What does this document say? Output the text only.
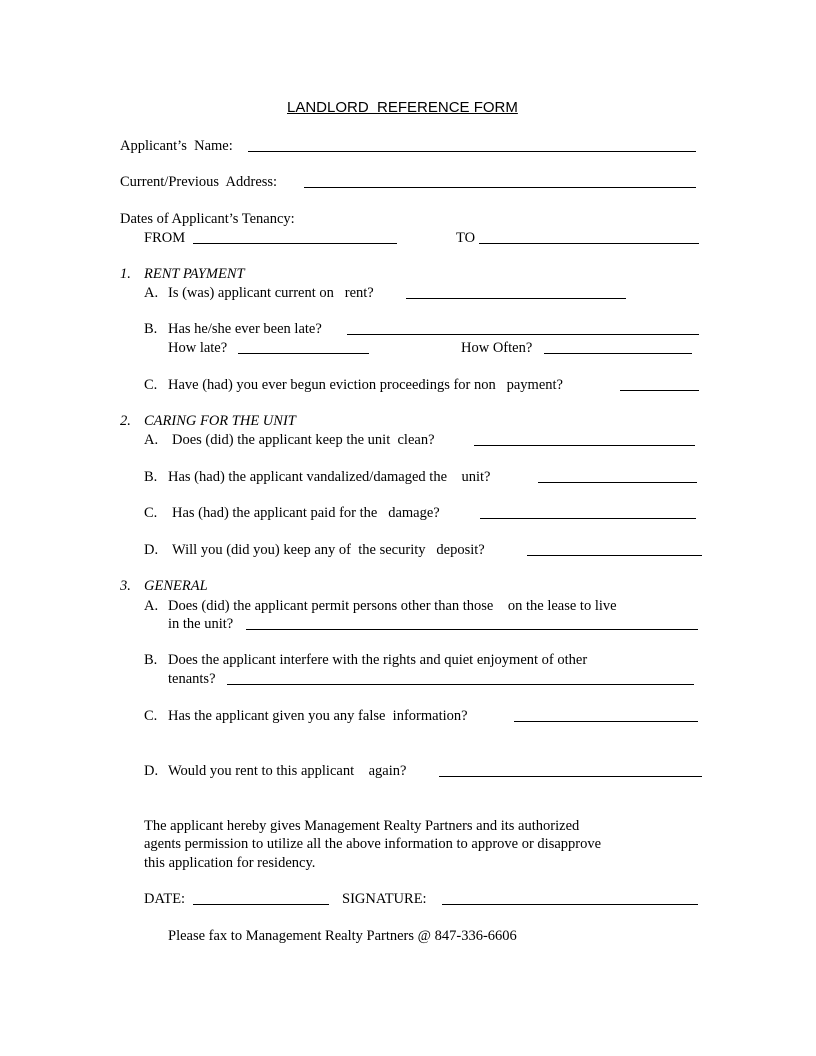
LANDLORD  REFERENCE FORM
Applicant’s  Name:
Current/Previous  Address:
Dates of Applicant’s Tenancy:
FROM	TO
1. RENT PAYMENT
A. Is (was) applicant current on   rent?
B. Has he/she ever been late?
How late?	How Often?
C. Have (had) you ever begun eviction proceedings for non   payment?
2. CARING FOR THE UNIT
A. Does (did) the applicant keep the unit  clean?
B. Has (had) the applicant vandalized/damaged the    unit?
C. Has (had) the applicant paid for the   damage?
D. Will you (did you) keep any of  the security   deposit?
3. GENERAL
A. Does (did) the applicant permit persons other than those    on the lease to live
in the unit?
B. Does the applicant interfere with the rights and quiet enjoyment of other
tenants?
C. Has the applicant given you any false  information?
D. Would you rent to this applicant    again?
The applicant hereby gives Management Realty Partners and its authorized
agents permission to utilize all the above information to approve or disapprove
this application for residency.
DATE:	SIGNATURE:
Please fax to Management Realty Partners @ 847-336-6606
